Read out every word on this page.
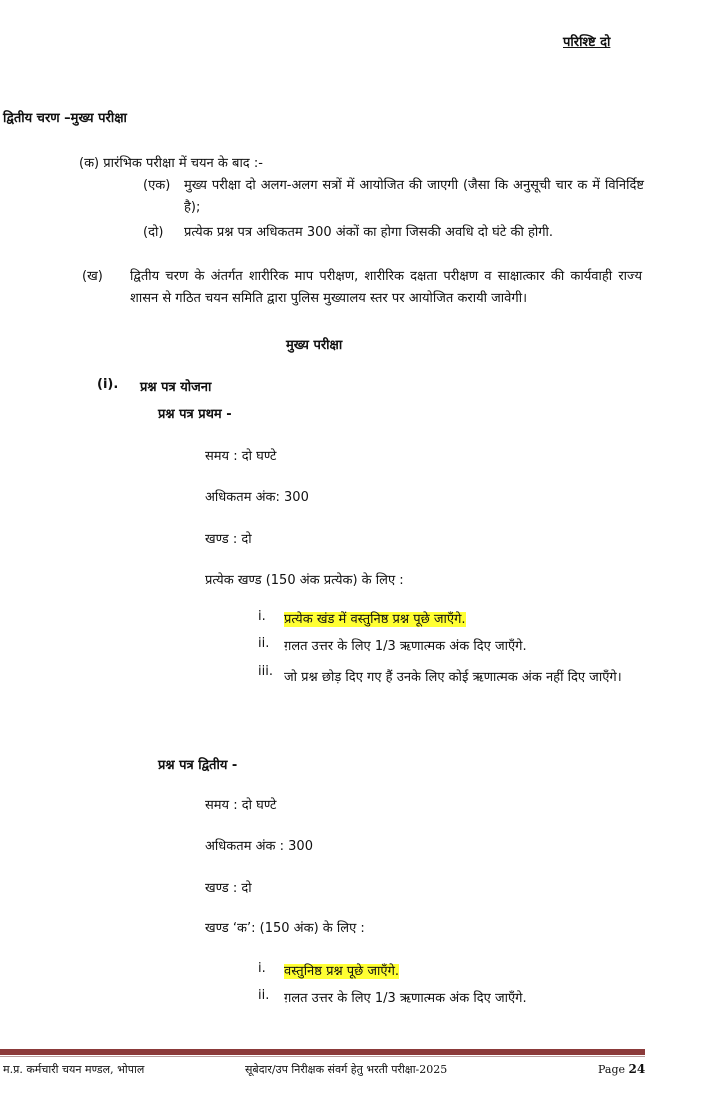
परिश्ष्टि दो
द्वितीय चरण –मुख्य परीक्षा
(क) प्रारंभिक परीक्षा में चयन के बाद :-
(एक) मुख्य परीक्षा दो अलग-अलग सत्रों में आयोजित की जाएगी (जैसा कि अनुसूची चार क में विनिर्दिष्ट है);
(दो) प्रत्येक प्रश्न पत्र अधिकतम 300 अंकों का होगा जिसकी अवधि दो घंटे की होगी.
(ख) द्वितीय चरण के अंतर्गत शारीरिक माप परीक्षण, शारीरिक दक्षता परीक्षण व साक्षात्कार की कार्यवाही राज्य शासन से गठित चयन समिति द्वारा पुलिस मुख्यालय स्तर पर आयोजित करायी जावेगी।
मुख्य परीक्षा
(i). प्रश्न पत्र योजना
प्रश्न पत्र प्रथम -
समय : दो घण्टे
अधिकतम अंक: 300
खण्ड : दो
प्रत्येक खण्ड (150 अंक प्रत्येक) के लिए :
i. प्रत्येक खंड में वस्तुनिष्ठ प्रश्न पूछे जाएँगे.
ii. ग़लत उत्तर के लिए 1/3 ऋणात्मक अंक दिए जाएँगे.
iii. जो प्रश्न छोड़ दिए गए हैं उनके लिए कोई ऋणात्मक अंक नहीं दिए जाएँगे।
प्रश्न पत्र द्वितीय -
समय : दो घण्टे
अधिकतम अंक : 300
खण्ड : दो
खण्ड ‘क’: (150 अंक) के लिए :
i. वस्तुनिष्ठ प्रश्न पूछे जाएँगे.
ii. ग़लत उत्तर के लिए 1/3 ऋणात्मक अंक दिए जाएँगे.
म.प्र. कर्मचारी चयन मण्डल, भोपाल	सूबेदार/उप निरीक्षक संवर्ग हेतु भरती परीक्षा-2025	Page 24
